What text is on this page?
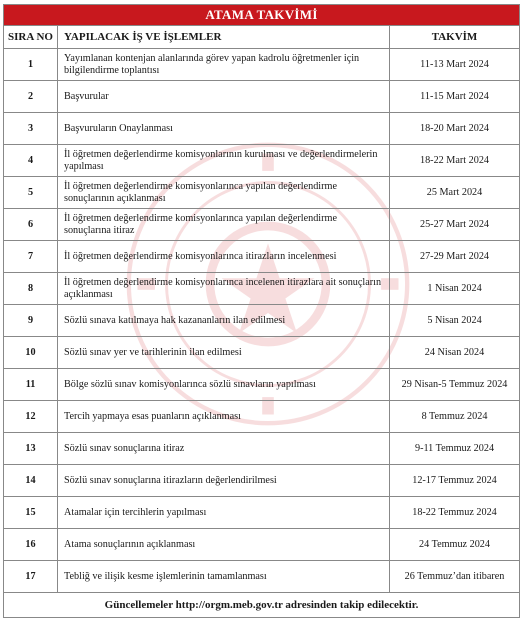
ATAMA TAKVİMİ		
SIRA NO	YAPILACAK İŞ VE İŞLEMLER	TAKVİM
1	Yayımlanan kontenjan alanlarında görev yapan kadrolu öğretmenler için bilgilendirme toplantısı	11-13 Mart 2024
2	Başvurular	11-15 Mart 2024
3	Başvuruların Onaylanması	18-20 Mart 2024
4	İl öğretmen değerlendirme komisyonlarının kurulması ve değerlendirmelerin yapılması	18-22 Mart 2024
5	İl öğretmen değerlendirme komisyonlarınca yapılan değerlendirme sonuçlarının açıklanması	25 Mart 2024
6	İl öğretmen değerlendirme komisyonlarınca yapılan değerlendirme sonuçlarına itiraz	25-27 Mart 2024
7	İl öğretmen değerlendirme komisyonlarınca itirazların incelenmesi	27-29 Mart 2024
8	İl öğretmen değerlendirme komisyonlarınca incelenen itirazlara ait sonuçların açıklanması	1 Nisan 2024
9	Sözlü sınava katılmaya hak kazananların ilan edilmesi	5 Nisan 2024
10	Sözlü sınav yer ve tarihlerinin ilan edilmesi	24 Nisan 2024
11	Bölge sözlü sınav komisyonlarınca sözlü sınavların yapılması	29 Nisan-5 Temmuz 2024
12	Tercih yapmaya esas puanların açıklanması	8 Temmuz 2024
13	Sözlü sınav sonuçlarına itiraz	9-11 Temmuz 2024
14	Sözlü sınav sonuçlarına itirazların değerlendirilmesi	12-17 Temmuz 2024
15	Atamalar için tercihlerin yapılması	18-22 Temmuz 2024
16	Atama sonuçlarının açıklanması	24 Temmuz 2024
17	Tebliğ ve ilişik kesme işlemlerinin tamamlanması	26 Temmuz’dan itibaren
Güncellemeler http://orgm.meb.gov.tr adresinden takip edilecektir.		
